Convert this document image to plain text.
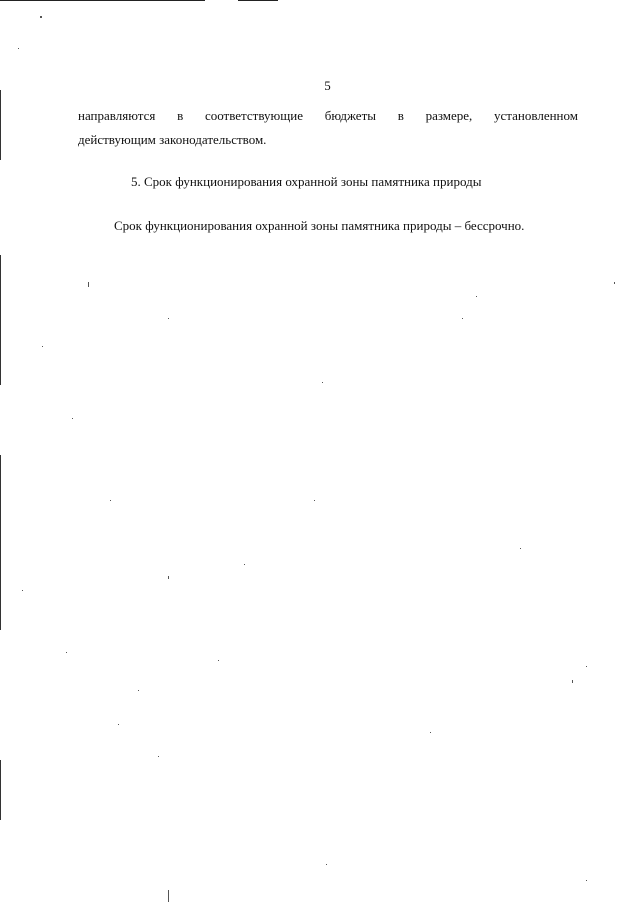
5
направляются в соответствующие бюджеты в размере, установленном
действующим законодательством.
5. Срок функционирования охранной зоны памятника природы
Срок функционирования охранной зоны памятника природы – бессрочно.
